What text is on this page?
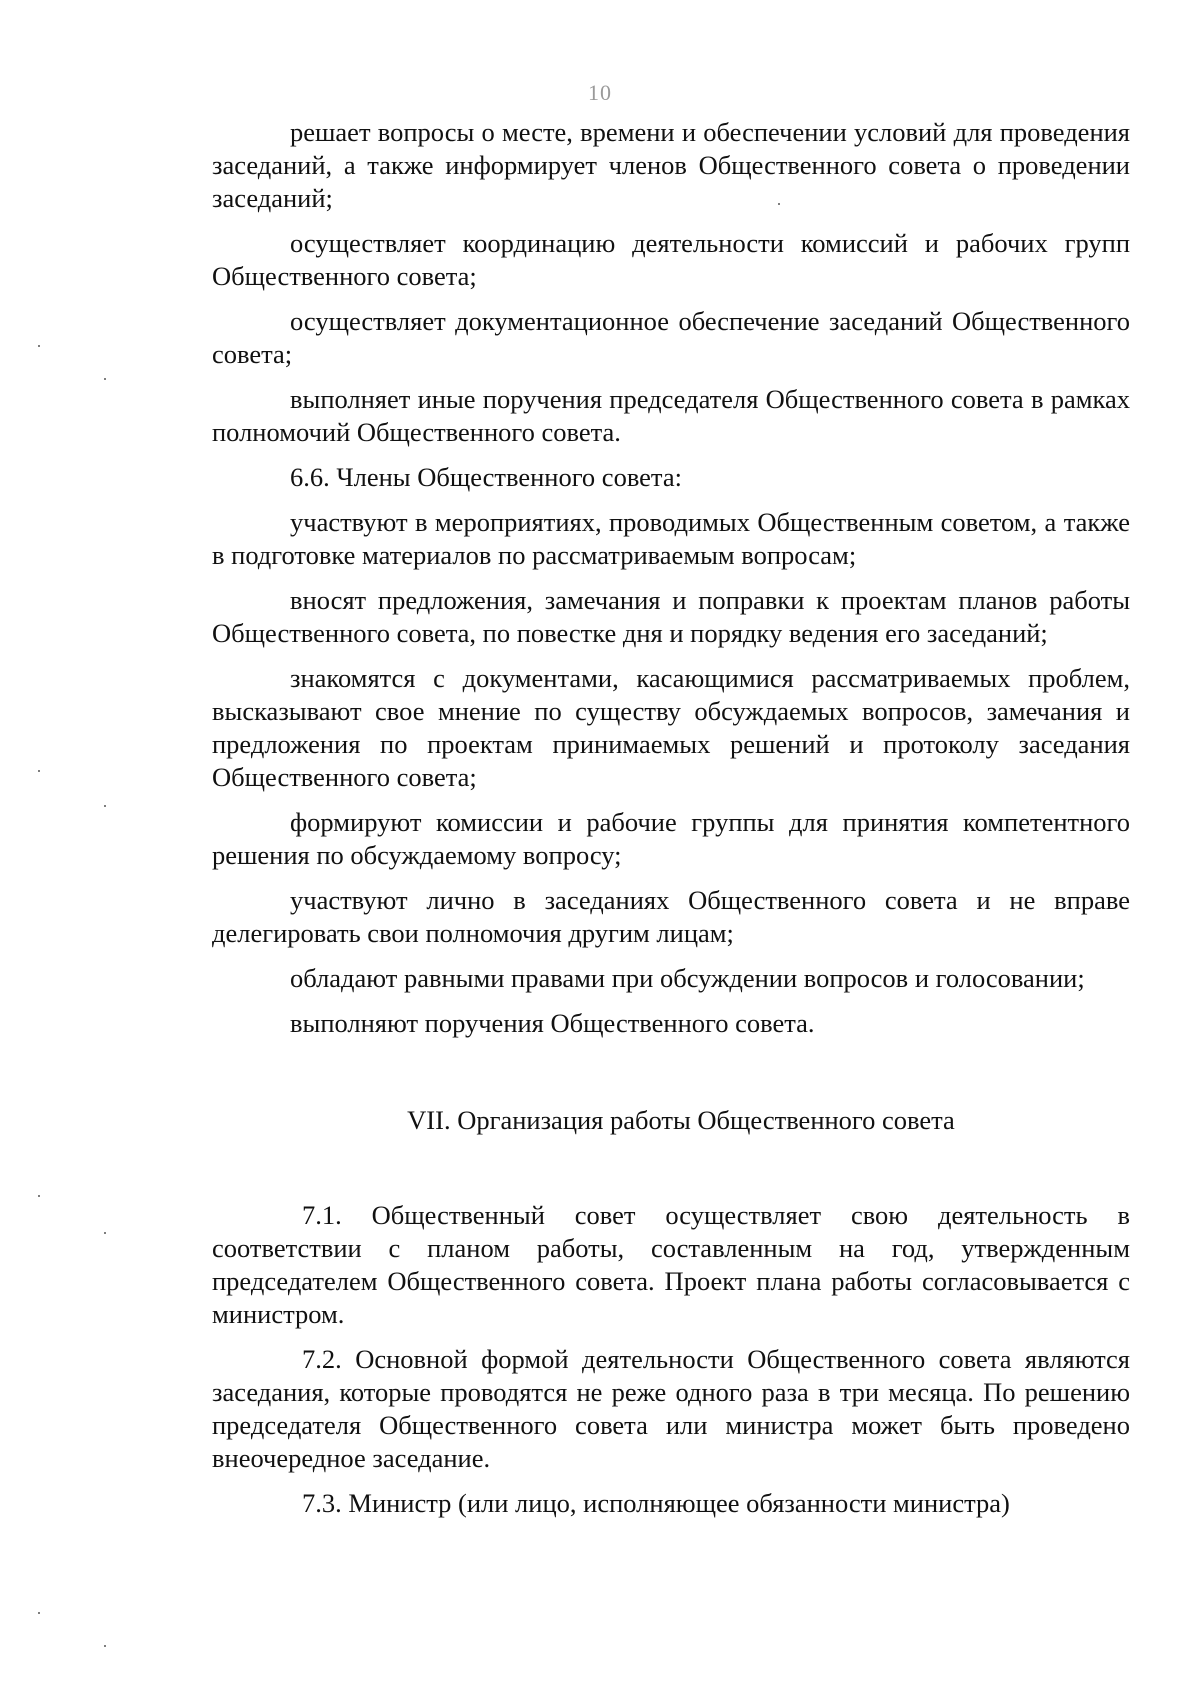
10

решает вопросы о месте, времени и обеспечении условий для проведения заседаний, а также информирует членов Общественного совета о проведении заседаний;

осуществляет координацию деятельности комиссий и рабочих групп Общественного совета;

осуществляет документационное обеспечение заседаний Общественного совета;

выполняет иные поручения председателя Общественного совета в рамках полномочий Общественного совета.

6.6. Члены Общественного совета:

участвуют в мероприятиях, проводимых Общественным советом, а также в подготовке материалов по рассматриваемым вопросам;

вносят предложения, замечания и поправки к проектам планов работы Общественного совета, по повестке дня и порядку ведения его заседаний;

знакомятся с документами, касающимися рассматриваемых проблем, высказывают свое мнение по существу обсуждаемых вопросов, замечания и предложения по проектам принимаемых решений и протоколу заседания Общественного совета;

формируют комиссии и рабочие группы для принятия компетентного решения по обсуждаемому вопросу;

участвуют лично в заседаниях Общественного совета и не вправе делегировать свои полномочия другим лицам;

обладают равными правами при обсуждении вопросов и голосовании;

выполняют поручения Общественного совета.

VII. Организация работы Общественного совета

7.1. Общественный совет осуществляет свою деятельность в соответствии с планом работы, составленным на год, утвержденным председателем Общественного совета. Проект плана работы согласовывается с министром.

7.2. Основной формой деятельности Общественного совета являются заседания, которые проводятся не реже одного раза в три месяца. По решению председателя Общественного совета или министра может быть проведено внеочередное заседание.

7.3. Министр (или лицо, исполняющее обязанности министра)
